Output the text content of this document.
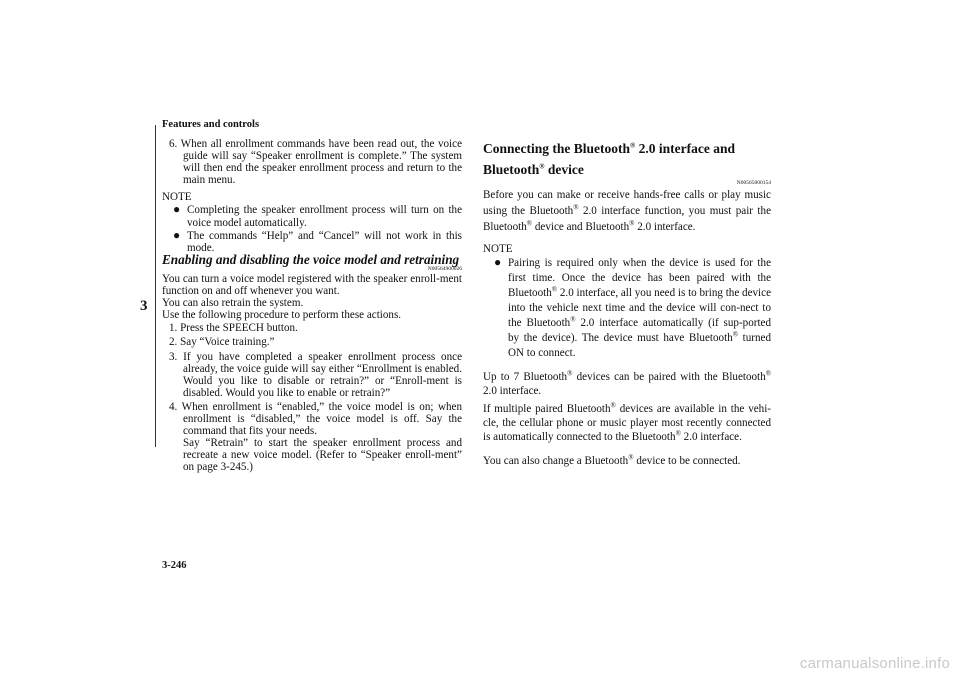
Features and controls
3

6. When all enrollment commands have been read out, the voice guide will say “Speaker enrollment is complete.” The system will then end the speaker enrollment process and return to the main menu.

NOTE

● Completing the speaker enrollment process will turn on the voice model automatically.

● The commands “Help” and “Cancel” will not work in this mode.

Enabling and disabling the voice model and retraining

N00564900026

You can turn a voice model registered with the speaker enroll-ment function on and off whenever you want.

You can also retrain the system.

Use the following procedure to perform these actions.

1. Press the SPEECH button.

2. Say “Voice training.”

3. If you have completed a speaker enrollment process once already, the voice guide will say either “Enrollment is enabled. Would you like to disable or retrain?” or “Enroll-ment is disabled. Would you like to enable or retrain?”

4. When enrollment is “enabled,” the voice model is on; when enrollment is “disabled,” the voice model is off. Say the command that fits your needs.

Say “Retrain” to start the speaker enrollment process and recreate a new voice model. (Refer to “Speaker enroll-ment” on page 3-245.)

Connecting the Bluetooth® 2.0 interface and
Bluetooth® device

N00565000154

Before you can make or receive hands-free calls or play music using the Bluetooth® 2.0 interface function, you must pair the Bluetooth® device and Bluetooth® 2.0 interface.

NOTE

● Pairing is required only when the device is used for the first time. Once the device has been paired with the Bluetooth® 2.0 interface, all you need is to bring the device into the vehicle next time and the device will con-nect to the Bluetooth® 2.0 interface automatically (if sup-ported by the device). The device must have Bluetooth® turned ON to connect.

Up to 7 Bluetooth® devices can be paired with the Bluetooth® 2.0 interface.

If multiple paired Bluetooth® devices are available in the vehi-cle, the cellular phone or music player most recently connected is automatically connected to the Bluetooth® 2.0 interface.

You can also change a Bluetooth® device to be connected.

3-246
carmanualsonline.info
